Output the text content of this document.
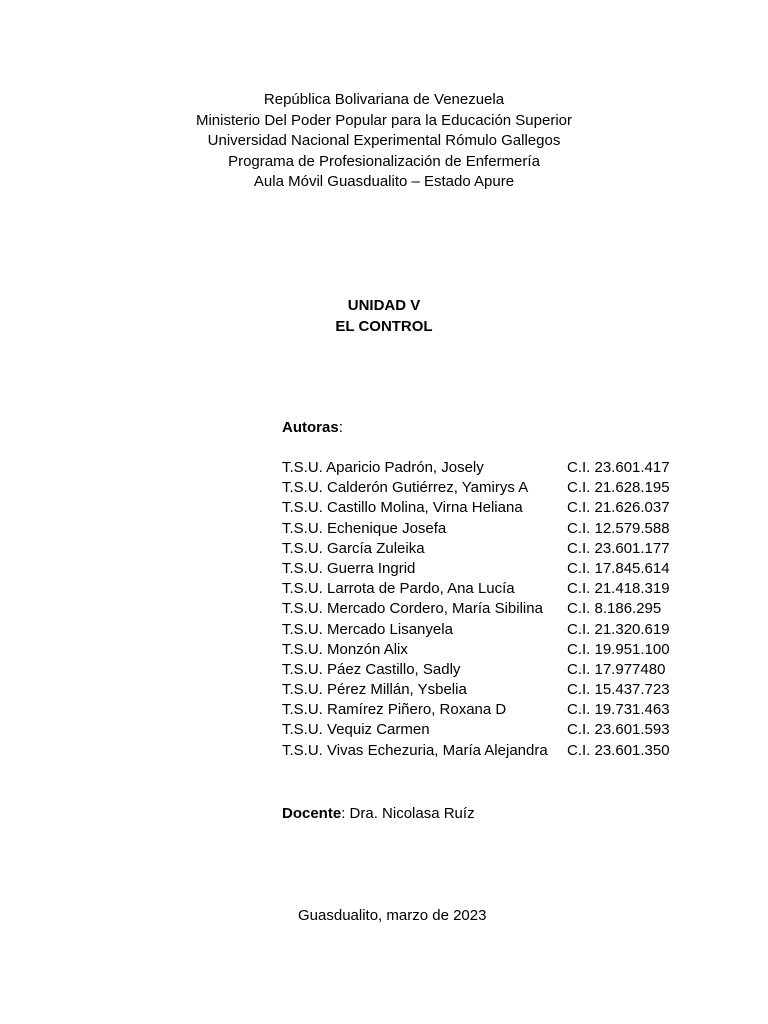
República Bolivariana de Venezuela
Ministerio Del Poder Popular para la Educación Superior
Universidad Nacional Experimental Rómulo Gallegos
Programa de Profesionalización de Enfermería
Aula Móvil Guasdualito – Estado Apure
UNIDAD V
EL CONTROL
Autoras:
T.S.U. Aparicio Padrón, Josely	C.I. 23.601.417
T.S.U. Calderón Gutiérrez, Yamirys A	C.I. 21.628.195
T.S.U. Castillo Molina, Virna Heliana	C.I. 21.626.037
T.S.U. Echenique Josefa	C.I. 12.579.588
T.S.U. García Zuleika	C.I. 23.601.177
T.S.U. Guerra Ingrid	C.I. 17.845.614
T.S.U. Larrota de Pardo, Ana Lucía	C.I. 21.418.319
T.S.U. Mercado Cordero, María Sibilina	C.I. 8.186.295
T.S.U. Mercado Lisanyela	C.I. 21.320.619
T.S.U. Monzón Alix	C.I. 19.951.100
T.S.U. Páez Castillo, Sadly	C.I. 17.977480
T.S.U. Pérez Millán, Ysbelia	C.I. 15.437.723
T.S.U. Ramírez Piñero, Roxana D	C.I. 19.731.463
T.S.U. Vequiz Carmen	C.I. 23.601.593
T.S.U. Vivas Echezuria, María Alejandra	C.I. 23.601.350
Docente: Dra. Nicolasa Ruíz
Guasdualito, marzo de 2023
